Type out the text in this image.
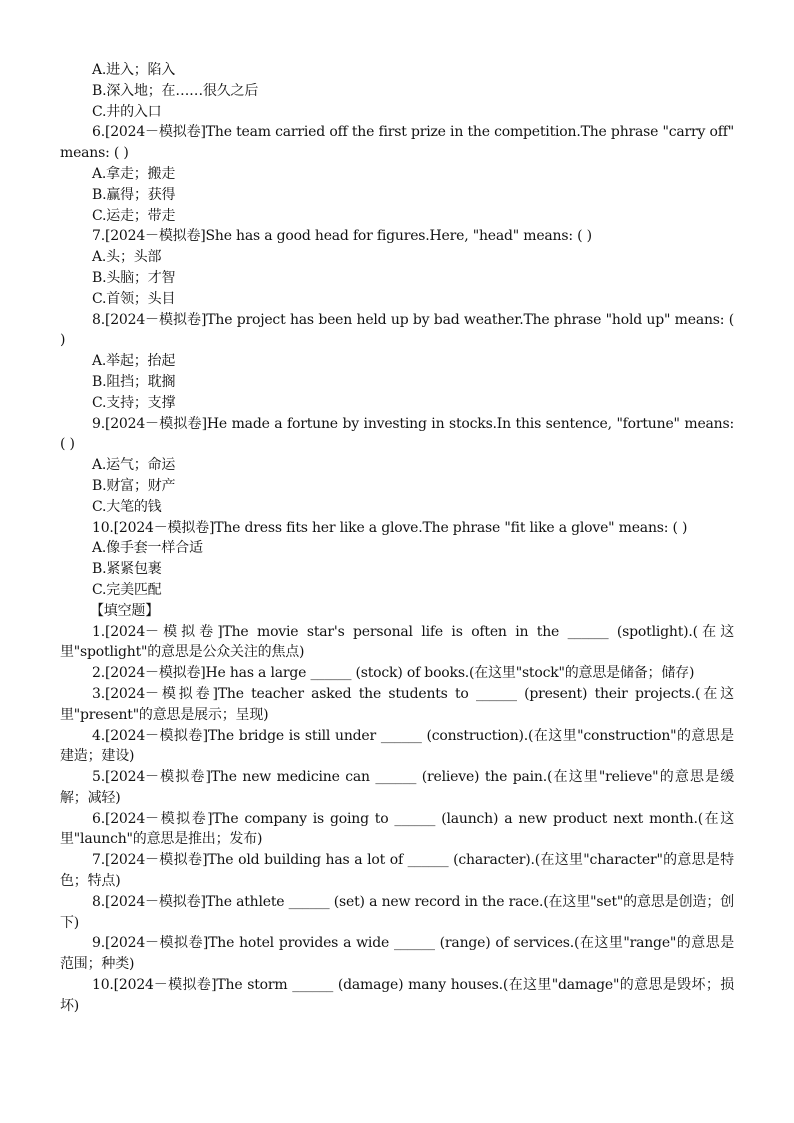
A.进入；陷入
B.深入地；在……很久之后
C.井的入口
6.[2024－模拟卷]The team carried off the first prize in the competition.The phrase "carry off" means: ( )
A.拿走；搬走
B.赢得；获得
C.运走；带走
7.[2024－模拟卷]She has a good head for figures.Here, "head" means: ( )
A.头；头部
B.头脑；才智
C.首领；头目
8.[2024－模拟卷]The project has been held up by bad weather.The phrase "hold up" means: ( )
A.举起；抬起
B.阻挡；耽搁
C.支持；支撑
9.[2024－模拟卷]He made a fortune by investing in stocks.In this sentence, "fortune" means: ( )
A.运气；命运
B.财富；财产
C.大笔的钱
10.[2024－模拟卷]The dress fits her like a glove.The phrase "fit like a glove" means: ( )
A.像手套一样合适
B.紧紧包裹
C.完美匹配
【填空题】
1.[2024－模拟卷]The movie star's personal life is often in the ______ (spotlight).(在这里"spotlight"的意思是公众关注的焦点)
2.[2024－模拟卷]He has a large ______ (stock) of books.(在这里"stock"的意思是储备；储存)
3.[2024－模拟卷]The teacher asked the students to ______ (present) their projects.(在这里"present"的意思是展示；呈现)
4.[2024－模拟卷]The bridge is still under ______ (construction).(在这里"construction"的意思是建造；建设)
5.[2024－模拟卷]The new medicine can ______ (relieve) the pain.(在这里"relieve"的意思是缓解；减轻)
6.[2024－模拟卷]The company is going to ______ (launch) a new product next month.(在这里"launch"的意思是推出；发布)
7.[2024－模拟卷]The old building has a lot of ______ (character).(在这里"character"的意思是特色；特点)
8.[2024－模拟卷]The athlete ______ (set) a new record in the race.(在这里"set"的意思是创造；创下)
9.[2024－模拟卷]The hotel provides a wide ______ (range) of services.(在这里"range"的意思是范围；种类)
10.[2024－模拟卷]The storm ______ (damage) many houses.(在这里"damage"的意思是毁坏；损坏)
